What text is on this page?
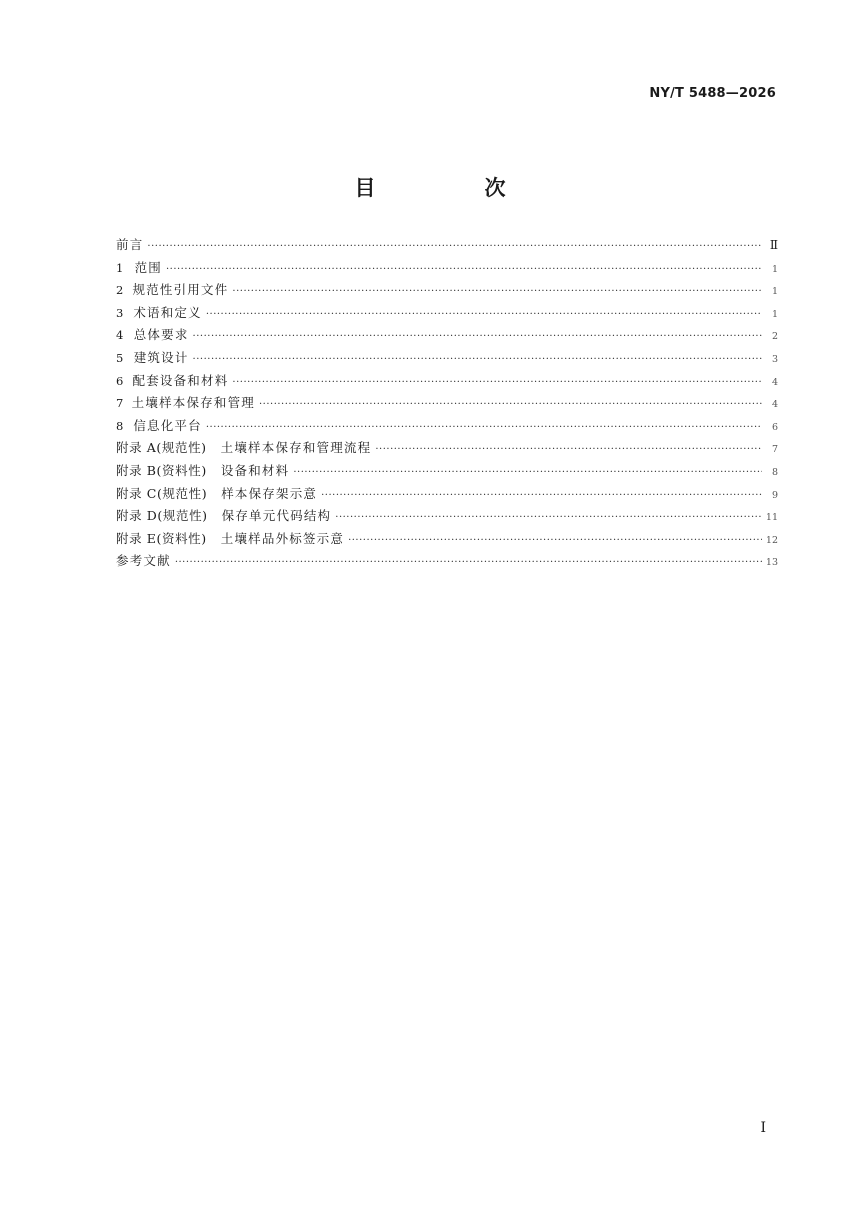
NY/T 5488—2026
目　次
前言 ·····	Ⅱ
1 范围 ·····	1
2 规范性引用文件 ·····	1
3 术语和定义 ·····	1
4 总体要求 ·····	2
5 建筑设计 ·····	3
6 配套设备和材料 ·····	4
7 土壤样本保存和管理 ·····	4
8 信息化平台 ·····	6
附录 A(规范性) 土壤样本保存和管理流程 ·····	7
附录 B(资料性) 设备和材料 ·····	8
附录 C(规范性) 样本保存架示意 ·····	9
附录 D(规范性) 保存单元代码结构 ·····	11
附录 E(资料性) 土壤样品外标签示意 ·····	12
参考文献 ·····	13
Ⅰ
